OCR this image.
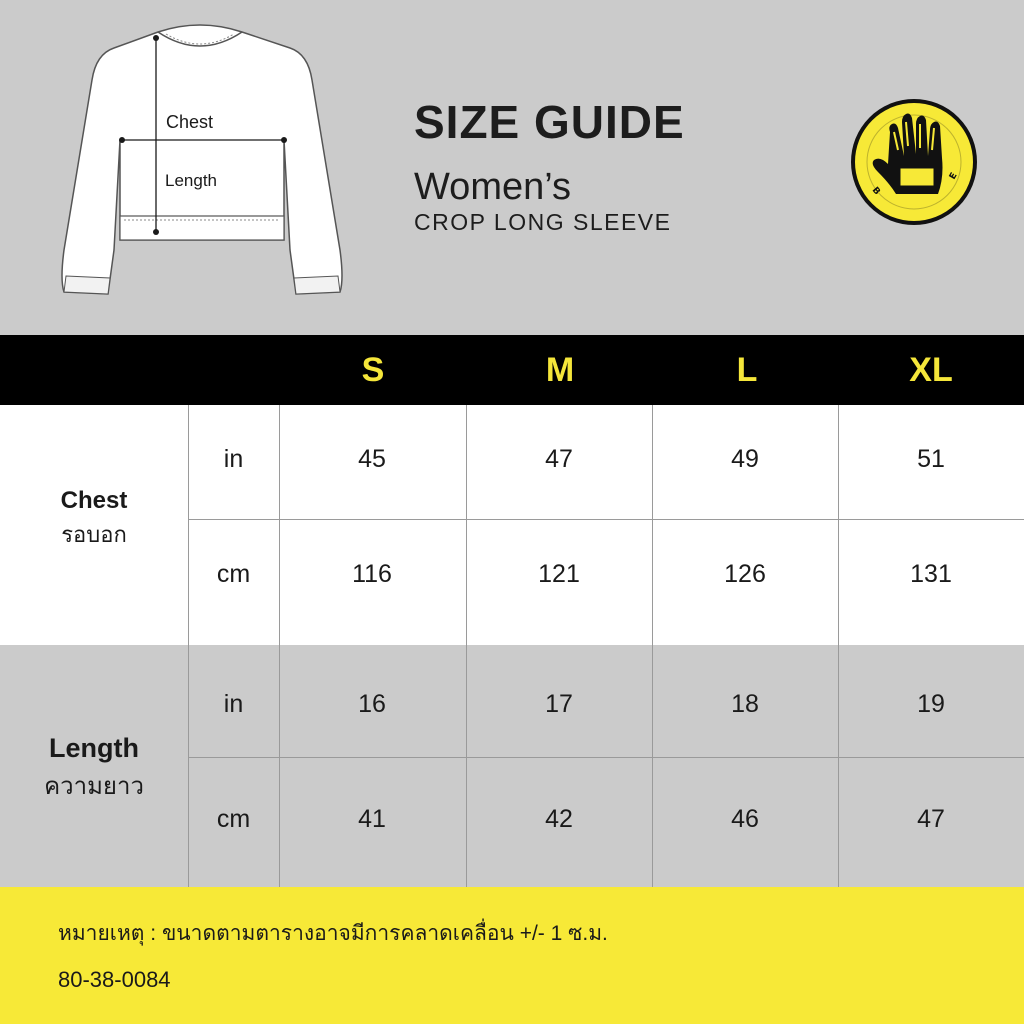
Chest
Length
SIZE GUIDE
Women’s
CROP LONG SLEEVE
B
E
S	M	L	XL
Chest
รอบอก
in	45	47	49	51
cm	116	121	126	131
Length
ความยาว
in	16	17	18	19
cm	41	42	46	47
หมายเหตุ : ขนาดตามตารางอาจมีการคลาดเคลื่อน +/- 1 ซ.ม.
80-38-0084
